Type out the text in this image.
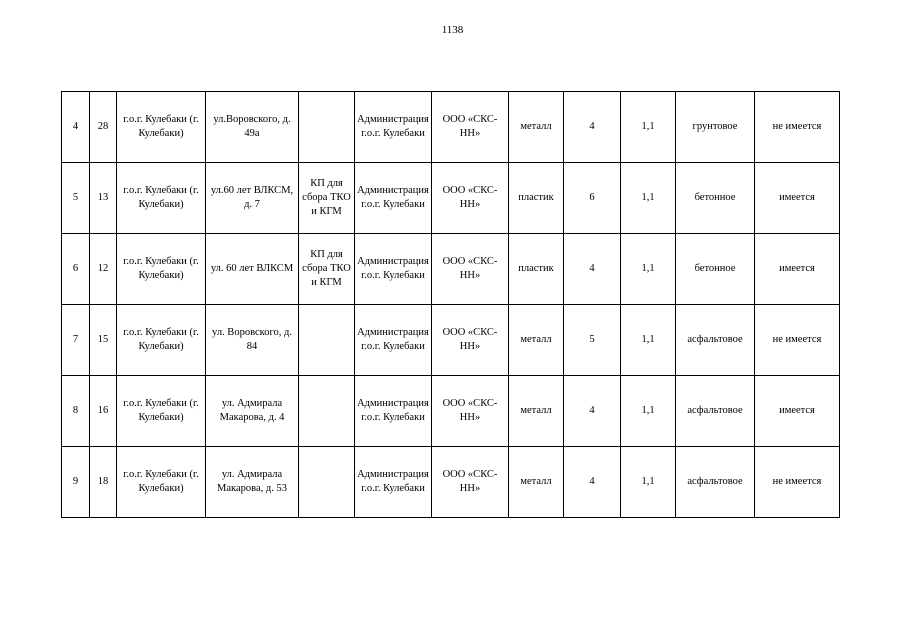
1138
4	28	г.о.г. Кулебаки (г. Кулебаки)	ул.Воровского, д. 49а		Администрация г.о.г. Кулебаки	ООО «СКС-НН»	металл	4	1,1	грунтовое	не имеется
5	13	г.о.г. Кулебаки (г. Кулебаки)	ул.60 лет ВЛКСМ, д. 7	КП для сбора ТКО и КГМ	Администрация г.о.г. Кулебаки	ООО «СКС-НН»	пластик	6	1,1	бетонное	имеется
6	12	г.о.г. Кулебаки (г. Кулебаки)	ул. 60 лет ВЛКСМ	КП для сбора ТКО и КГМ	Администрация г.о.г. Кулебаки	ООО «СКС-НН»	пластик	4	1,1	бетонное	имеется
7	15	г.о.г. Кулебаки (г. Кулебаки)	ул. Воровского, д. 84		Администрация г.о.г. Кулебаки	ООО «СКС-НН»	металл	5	1,1	асфальтовое	не имеется
8	16	г.о.г. Кулебаки (г. Кулебаки)	ул. Адмирала Макарова, д. 4		Администрация г.о.г. Кулебаки	ООО «СКС-НН»	металл	4	1,1	асфальтовое	имеется
9	18	г.о.г. Кулебаки (г. Кулебаки)	ул. Адмирала Макарова, д. 53		Администрация г.о.г. Кулебаки	ООО «СКС-НН»	металл	4	1,1	асфальтовое	не имеется
